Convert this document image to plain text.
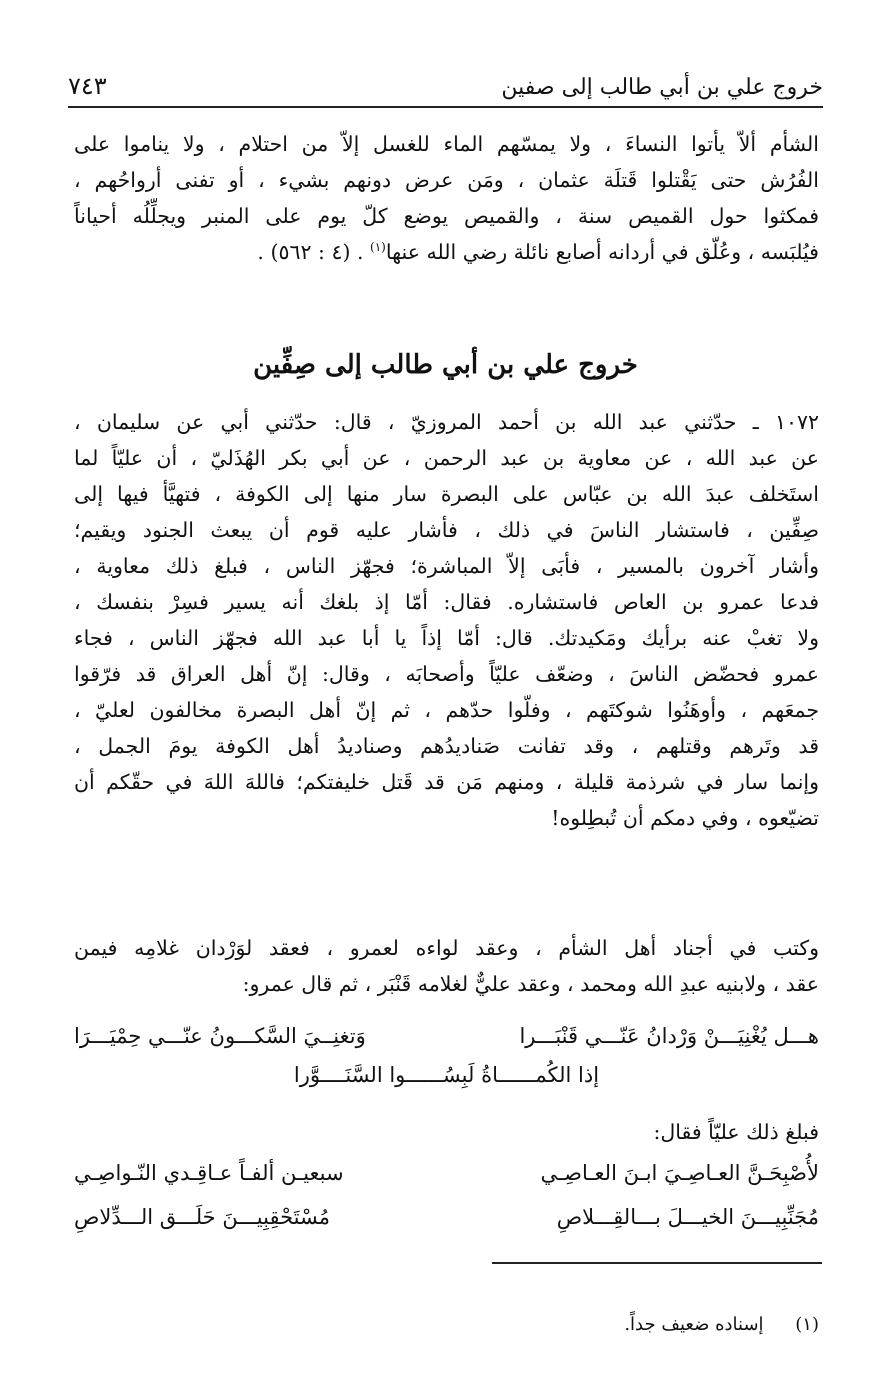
خروج علي بن أبي طالب إلى صفين
٧٤٣
الشأم ألاّ يأتوا النساءَ ، ولا يمسّهم الماء للغسل إلاّ من احتلام ، ولا يناموا على
الفُرُش حتى يَقْتلوا قَتلَة عثمان ، ومَن عرض دونهم بشيء ، أو تفنى أرواحُهم ،
فمكثوا حول القميص سنة ، والقميص يوضع كلّ يوم على المنبر ويجلِّلُه أحياناً
فيُلبَسه ، وعُلّق في أردانه أصابع نائلة رضي الله عنها$^{(١)}$ . (٤ : ٥٦٢) .
خروج علي بن أبي طالب إلى صِفِّين
١٠٧٢ ـ حدّثني عبد الله بن أحمد المروزيّ ، قال: حدّثني أبي عن سليمان ،
عن عبد الله ، عن معاوية بن عبد الرحمن ، عن أبي بكر الهُذَليّ ، أن عليّاً لما
استَخلف عبدَ الله بن عبّاس على البصرة سار منها إلى الكوفة ، فتهيَّأ فيها إلى
صِفِّين ، فاستشار الناسَ في ذلك ، فأشار عليه قوم أن يبعث الجنود ويقيم؛
وأشار آخرون بالمسير ، فأبَى إلاّ المباشرة؛ فجهّز الناس ، فبلغ ذلك معاوية ،
فدعا عمرو بن العاص فاستشاره. فقال: أمّا إذ بلغك أنه يسير فسِرْ بنفسك ،
ولا تغبْ عنه برأيك ومَكيدتك. قال: أمّا إذاً يا أبا عبد الله فجهّز الناس ، فجاء
عمرو فحضّض الناسَ ، وضعّف عليّاً وأصحابَه ، وقال: إنّ أهل العراق قد فرّقوا
جمعَهم ، وأوهَنُوا شوكتَهم ، وفلّوا حدّهم ، ثم إنّ أهل البصرة مخالفون لعليّ ،
قد وتَرهم وقتلهم ، وقد تفانت صَناديدُهم وصناديدُ أهل الكوفة يومَ الجمل ،
وإنما سار في شرذمة قليلة ، ومنهم مَن قد قَتل خليفتكم؛ فاللهَ اللهَ في حقّكم أن
تضيّعوه ، وفي دمكم أن تُبطِلوه!
وكتب في أجناد أهل الشأم ، وعقد لواءه لعمرو ، فعقد لوَرْدان غلامِه فيمن
عقد ، ولابنيه عبدِ الله ومحمد ، وعقد عليٌّ لغلامه قَنْبَر ، ثم قال عمرو:
هـــل يُغْنِيَـــنْ وَرْدانُ عَنّـــي قَنْبَـــرا
وَتغنِــيَ السَّكـــونُ عنّـــي حِمْيَـــرَا
إذا الكُمــــــاةُ لَبِسُــــــوا السَّنَــــوَّرا
فبلغ ذلك عليّاً فقال:
لأُصْبِحَـنَّ العـاصِـيَ ابـنَ العـاصِـي
سبعيـن ألفـاً عـاقِـدي النّـواصِـي
مُجَنِّبِيـــنَ الخيـــلَ بـــالقِـــلاصِ
مُسْتَحْقِبِيـــنَ حَلَـــق الـــدِّلاصِ
(١) إسناده ضعيف جداً.
